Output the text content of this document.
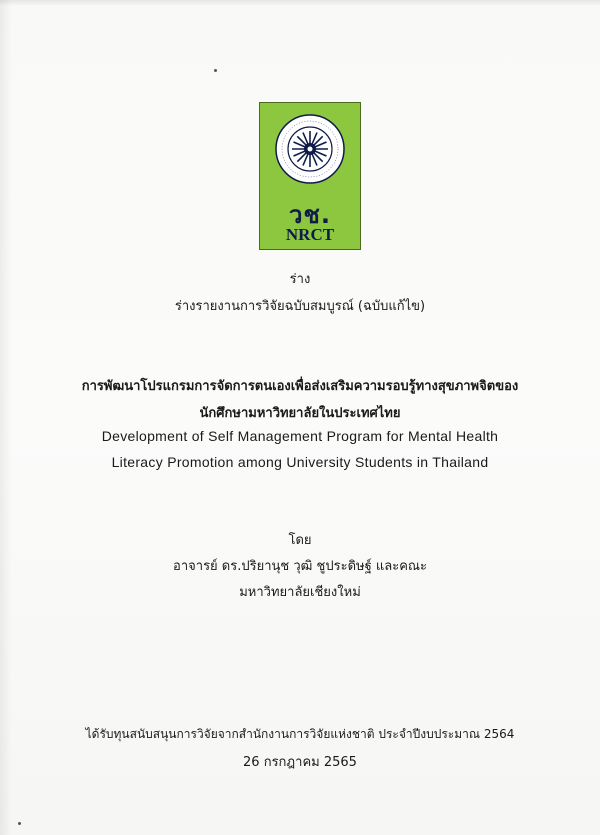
วช.
NRCT
ร่าง
ร่างรายงานการวิจัยฉบับสมบูรณ์ (ฉบับแก้ไข)
การพัฒนาโปรแกรมการจัดการตนเองเพื่อส่งเสริมความรอบรู้ทางสุขภาพจิตของ
นักศึกษามหาวิทยาลัยในประเทศไทย
Development of Self Management Program for Mental Health
Literacy Promotion among University Students in Thailand
โดย
อาจารย์ ดร.ปริยานุช วุฒิ ชูประดิษฐ์ และคณะ
มหาวิทยาลัยเชียงใหม่
ได้รับทุนสนับสนุนการวิจัยจากสำนักงานการวิจัยแห่งชาติ ประจำปีงบประมาณ 2564
26 กรกฎาคม 2565
